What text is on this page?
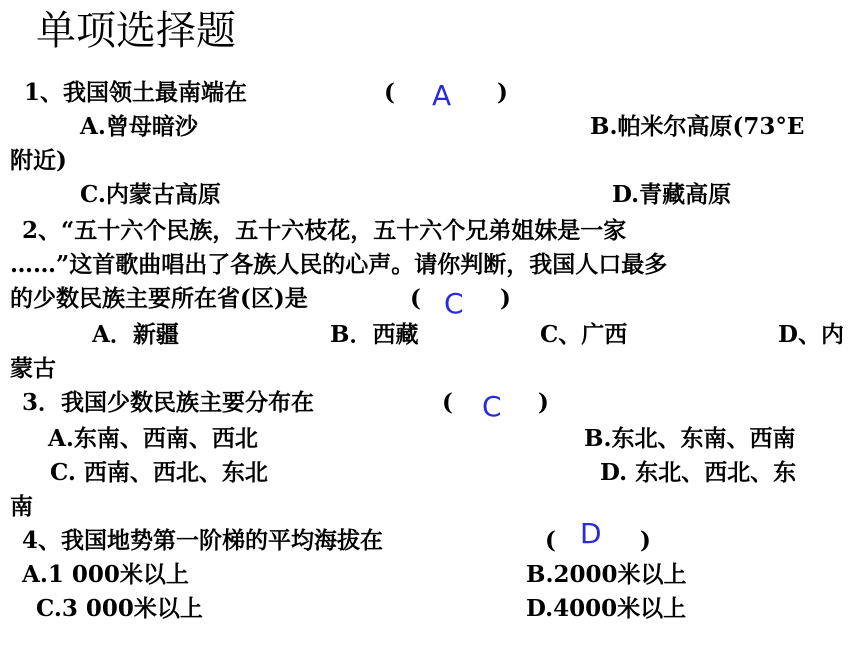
单项选择题
1、我国领土最南端在	( A )
A.曾母暗沙	B.帕米尔高原(73°E
附近)
C.内蒙古高原	D.青藏高原
2、“五十六个民族，五十六枝花，五十六个兄弟姐妹是一家
……”这首歌曲唱出了各族人民的心声。请你判断，我国人口最多
的少数民族主要所在省(区)是	( C )
A．新疆	B．西藏	C、广西	D、内
蒙古
3．我国少数民族主要分布在	( C )
A.东南、西南、西北	B.东北、东南、西南
C. 西南、西北、东北	D. 东北、西北、东
南
4、我国地势第一阶梯的平均海拔在	( D )
A.1 000米以上	B.2000米以上
C.3 000米以上	D.4000米以上
